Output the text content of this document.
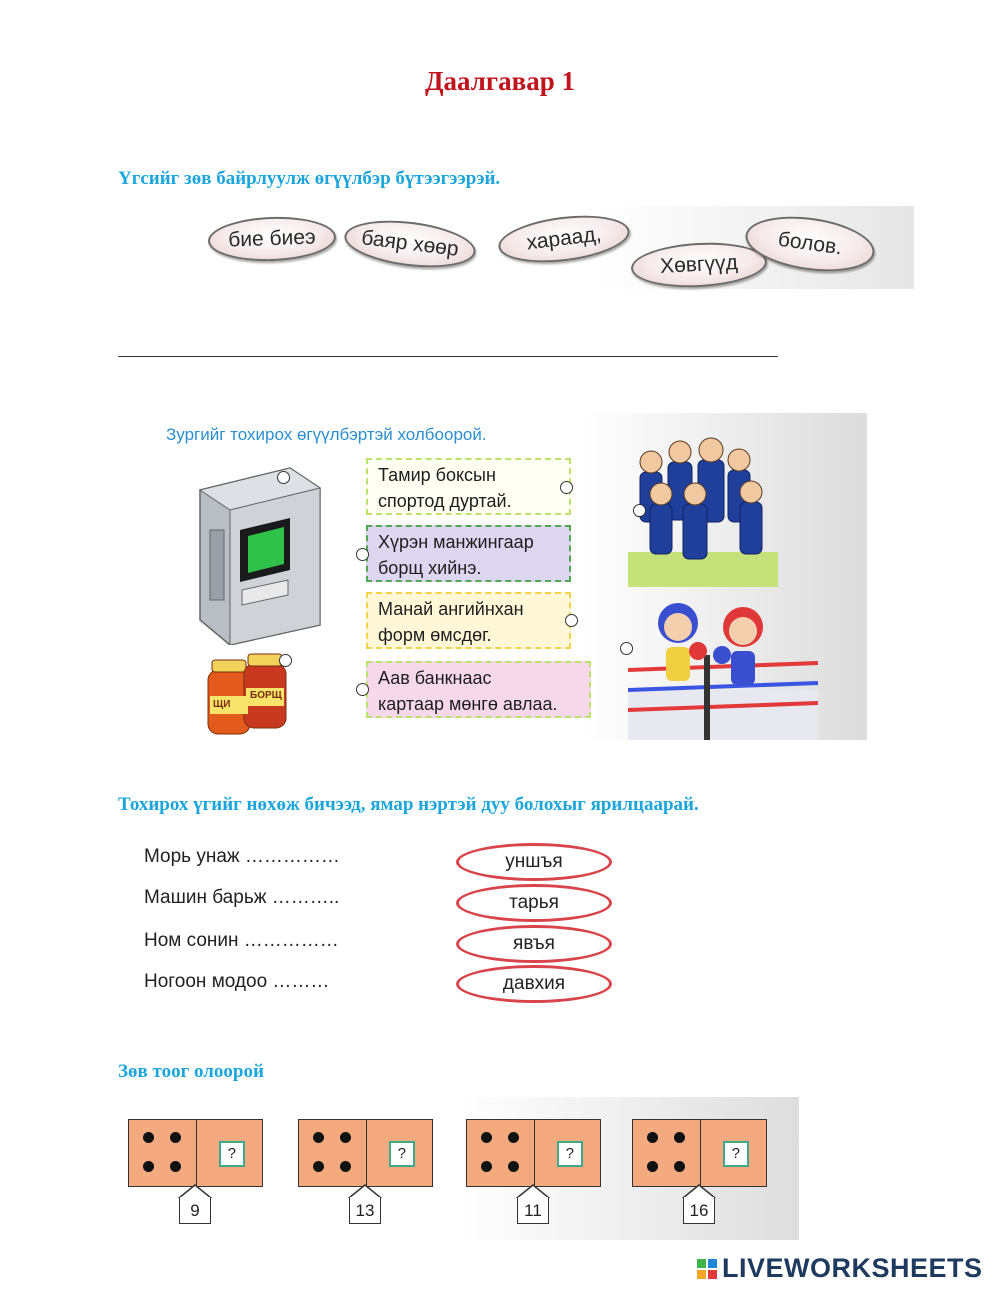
Даалгавар 1
Үгсийг зөв байрлуулж өгүүлбэр бүтээгээрэй.
бие биеэ	баяр хөөр	хараад,
Хөвгүүд
болов.
Зургийг тохирох өгүүлбэртэй холбоорой.
ЩИ
БОРЩ
Тамир боксын
спортод дуртай.
Хүрэн манжингаар
борщ хийнэ.
Манай ангийнхан
форм өмсдөг.
Аав банкнаас
картаар мөнгө авлаа.
Тохирох үгийг нөхөж бичээд, ямар нэртэй дуу болохыг ярилцаарай.
Морь унаж ……………	уншъя
Машин барьж ………..	тарья
Ном сонин ……………	явъя
Ногоон модоо ………	давхия
Зөв тоог олоорой
?	?	?	?
9	13	11	16
LIVEWORKSHEETS
